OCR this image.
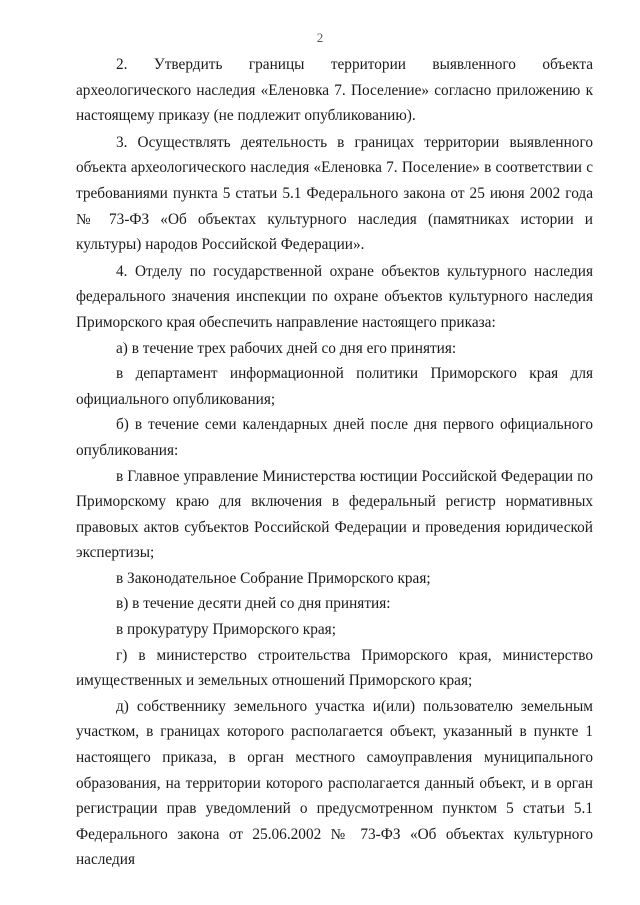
2

2. Утвердить границы территории выявленного объекта археологического наследия «Еленовка 7. Поселение» согласно приложению к настоящему приказу (не подлежит опубликованию).

3. Осуществлять деятельность в границах территории выявленного объекта археологического наследия «Еленовка 7. Поселение» в соответствии с требованиями пункта 5 статьи 5.1 Федерального закона от 25 июня 2002 года № 73-ФЗ «Об объектах культурного наследия (памятниках истории и культуры) народов Российской Федерации».

4. Отделу по государственной охране объектов культурного наследия федерального значения инспекции по охране объектов культурного наследия Приморского края обеспечить направление настоящего приказа:

а) в течение трех рабочих дней со дня его принятия:

в департамент информационной политики Приморского края для официального опубликования;

б) в течение семи календарных дней после дня первого официального опубликования:

в Главное управление Министерства юстиции Российской Федерации по Приморскому краю для включения в федеральный регистр нормативных правовых актов субъектов Российской Федерации и проведения юридической экспертизы;

в Законодательное Собрание Приморского края;

в) в течение десяти дней со дня принятия:

в прокуратуру Приморского края;

г) в министерство строительства Приморского края, министерство имущественных и земельных отношений Приморского края;

д) собственнику земельного участка и(или) пользователю земельным участком, в границах которого располагается объект, указанный в пункте 1 настоящего приказа, в орган местного самоуправления муниципального образования, на территории которого располагается данный объект, и в орган регистрации прав уведомлений о предусмотренном пунктом 5 статьи 5.1 Федерального закона от 25.06.2002 № 73-ФЗ «Об объектах культурного наследия
